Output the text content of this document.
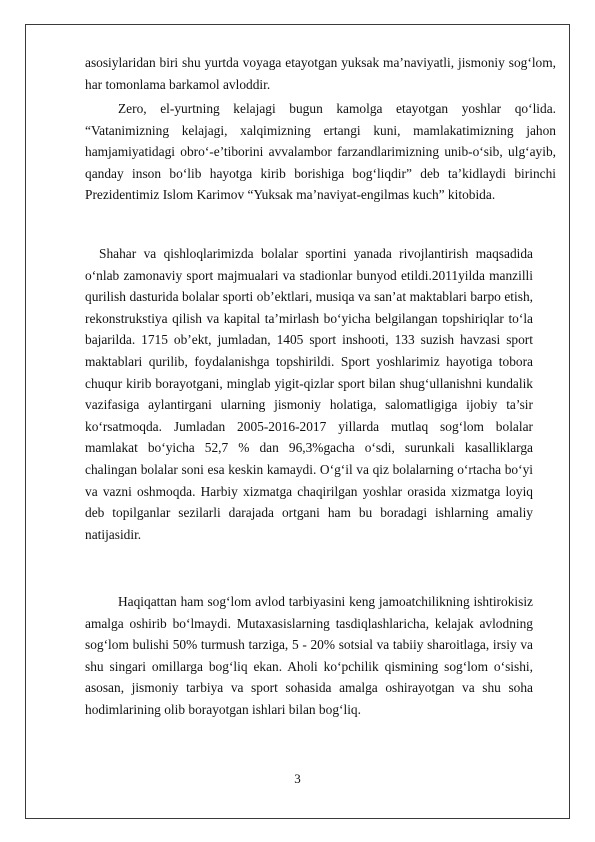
asosiylaridan biri shu yurtda voyaga etayotgan yuksak ma’naviyatli, jismoniy sog‘lom, har tomonlama barkamol avloddir.

Zero, el-yurtning kelajagi bugun kamolga etayotgan yoshlar qo‘lida. “Vatanimizning kelajagi, xalqimizning ertangi kuni, mamlakatimizning jahon hamjamiyatidagi obro‘-e’tiborini avvalambor farzandlarimizning unib-o‘sib, ulg‘ayib, qanday inson bo‘lib hayotga kirib borishiga bog‘liqdir” deb ta’kidlaydi birinchi Prezidentimiz Islom Karimov “Yuksak ma’naviyat-engilmas kuch” kitobida.

Shahar va qishloqlarimizda bolalar sportini yanada rivojlantirish maqsadida o‘nlab zamonaviy sport majmualari va stadionlar bunyod etildi.2011yilda manzilli qurilish dasturida bolalar sporti ob’ektlari, musiqa va san’at maktablari barpo etish, rekonstrukstiya qilish va kapital ta’mirlash bo‘yicha belgilangan topshiriqlar to‘la bajarilda. 1715 ob’ekt, jumladan, 1405 sport inshooti, 133 suzish havzasi sport maktablari qurilib, foydalanishga topshirildi. Sport yoshlarimiz hayotiga tobora chuqur kirib borayotgani, minglab yigit-qizlar sport bilan shug‘ullanishni kundalik vazifasiga aylantirgani ularning jismoniy holatiga, salomatligiga ijobiy ta’sir ko‘rsatmoqda. Jumladan 2005-2016-2017 yillarda mutlaq sog‘lom bolalar mamlakat bo‘yicha 52,7 % dan 96,3%gacha o‘sdi, surunkali kasalliklarga chalingan bolalar soni esa keskin kamaydi. O‘g‘il va qiz bolalarning o‘rtacha bo‘yi va vazni oshmoqda. Harbiy xizmatga chaqirilgan yoshlar orasida xizmatga loyiq deb topilganlar sezilarli darajada ortgani ham bu boradagi ishlarning amaliy natijasidir.

Haqiqattan ham sog‘lom avlod tarbiyasini keng jamoatchilikning ishtirokisiz amalga oshirib bo‘lmaydi. Mutaxasislarning tasdiqlashlaricha, kelajak avlodning sog‘lom bulishi 50% turmush tarziga, 5 - 20% sotsial va tabiiy sharoitlaga, irsiy va shu singari omillarga bog‘liq ekan. Aholi ko‘pchilik qismining sog‘lom o‘sishi, asosan, jismoniy tarbiya va sport sohasida amalga oshirayotgan va shu soha hodimlarining olib borayotgan ishlari bilan bog‘liq.

3
